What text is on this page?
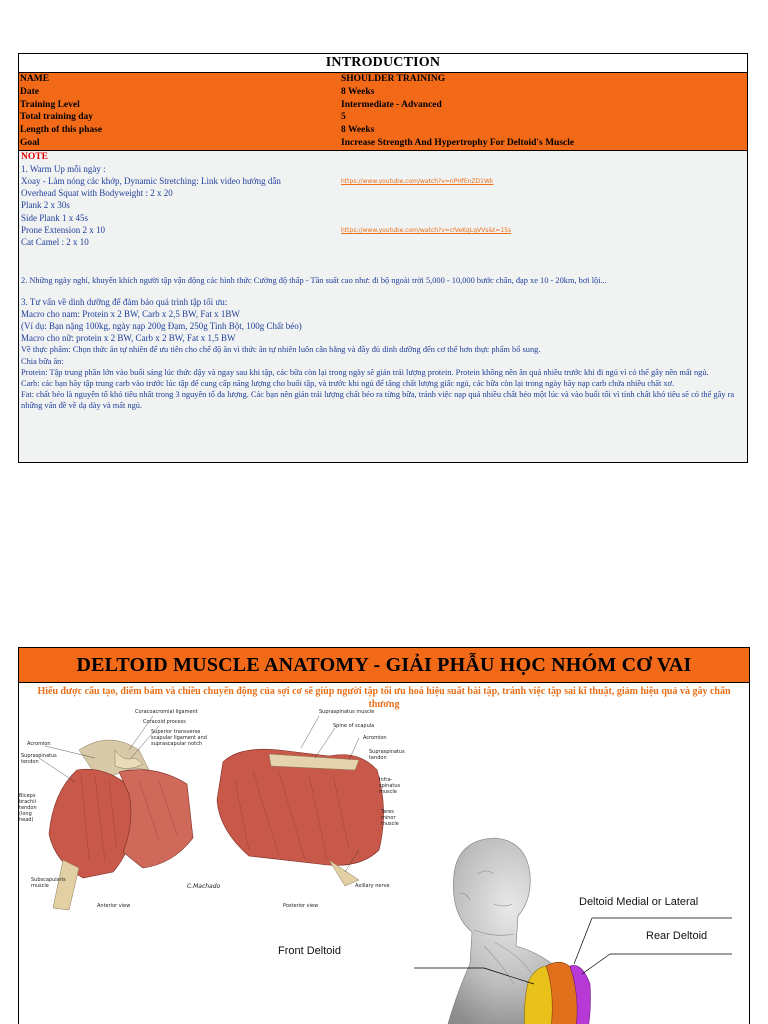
INTRODUCTION
NAME	SHOULDER TRAINING
Date	8 Weeks
Training Level	Intermediate - Advanced
Total training day	5
Length of this phase	8 Weeks
Goal	Increase Strength And Hypertrophy For Deltoid's Muscle
NOTE
1. Warm Up mỗi ngày :
Xoay - Làm nóng các khớp, Dynamic Stretching: Link video hướng dẫn
Overhead Squat with Bodyweight : 2 x 20
Plank 2 x 30s
Side Plank 1 x 45s
Prone Extension 2 x 10
Cat Camel : 2 x 10
2. Những ngày nghỉ, khuyến khích người tập vận động các hình thức Cường độ thấp - Tần suất cao như: đi bộ ngoài trời 5,000 - 10,000 bước chân, đạp xe 10 - 20km, bơi lội...
3. Tư vấn về dinh dưỡng để đảm bảo quá trình tập tối ưu:
Macro cho nam: Protein x 2 BW, Carb x 2,5 BW, Fat x 1BW
(Ví dụ: Bạn nặng 100kg, ngày nạp 200g Đạm, 250g Tinh Bột, 100g Chất béo)
Macro cho nữ: protein x 2 BW, Carb x 2 BW, Fat x 1,5 BW
Về thực phẩm: Chọn thức ăn tự nhiên để ưu tiên cho chế độ ăn vì thức ăn tự nhiên luôn cân bằng và đầy đủ dinh dưỡng đến cơ thể hơn thực phẩm bổ sung.
Chia bữa ăn:
Protein: Tập trung phần lớn vào buổi sáng lúc thức dậy và ngay sau khi tập, các bữa còn lại trong ngày sẽ giản trải lượng protein. Protein không nên ăn quá nhiều trước khi đi ngủ vì có thể gây nên mất ngủ.
Carb: các bạn hãy tập trung carb vào trước lúc tập để cung cấp năng lượng cho buổi tập, và trước khi ngủ để tăng chất lượng giấc ngủ, các bữa còn lại trong ngày hãy nạp carb chứa nhiều chất xơ.
Fat: chất béo là nguyên tố khó tiêu nhất trong 3 nguyên tố đa lượng. Các bạn nên giản trải lượng chất béo ra từng bữa, tránh việc nạp quá nhiều chất béo một lúc và vào buổi tối vì tính chất khó tiêu sẽ có thể gây ra những vấn đề về dạ dày và mất ngủ.
https://www.youtube.com/watch?v=nPHfEnZD1Wk
https://www.youtube.com/watch?v=clVeKqLqVVs&t=15s
DELTOID MUSCLE ANATOMY - GIẢI PHẪU HỌC NHÓM CƠ VAI
Hiểu được cấu tạo, điểm bám và chiều chuyển động của sợi cơ sẽ giúp người tập tối ưu hoá hiệu suất bài tập, tránh việc tập sai kĩ thuật, giảm hiệu quả và gây chấn thương
Coracoacromial ligament
Coracoid process
Superior transverse
scapular ligament and
suprascapular notch
Acromion
Supraspinatus
tendon
Biceps
brachii
tendon
(long
head)
Subscapularis
muscle
Anterior view
Supraspinatus muscle
Spine of scapula
Acromion
Supraspinatus
tendon
Infra-
spinatus
muscle
Teres
minor
muscle
Axillary nerve
Posterior view
C.Machado
Deltoid Medial or Lateral
Rear Deltoid
Front Deltoid
